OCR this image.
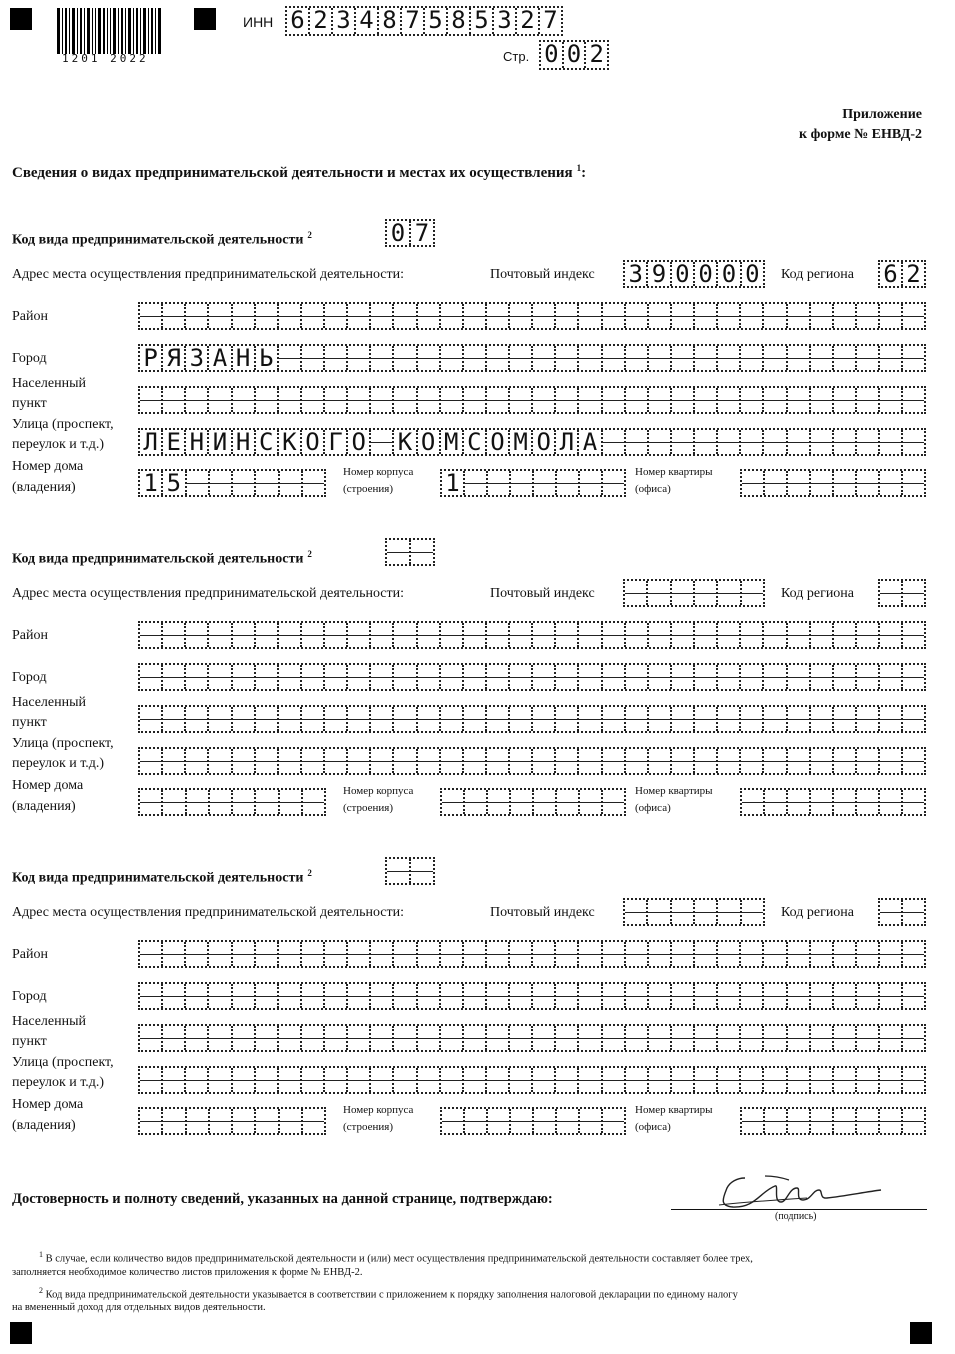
1201 2022
ИНН 6 2 3 4 8 7 5 8 5 3 2 7
Стр. 0 0 2
Приложение
к форме № ЕНВД-2
Сведения о видах предпринимательской деятельности и местах их осуществления $^1$:
Код вида предпринимательской деятельности $^2$	0 7
Адрес места осуществления предпринимательской деятельности:	Почтовый индекс 3 9 0 0 0 0 Код региона 6 2
Район
Город	Р Я З А Н Ь
Населенный
пункт
Улица (проспект,
переулок и т.д.) Л Е Н И Н С К О Г О К О М С О М О Л А
Номер дома
(владения)	1 5	Номер корпуса
(строения) 1	Номер квартиры
(офиса)
Код вида предпринимательской деятельности $^2$
Адрес места осуществления предпринимательской деятельности:	Почтовый индекс	Код региона
Район
Город
Населенный
пункт
Улица (проспект,
переулок и т.д.)
Номер дома
(владения)
Номер корпуса
(строения)
Номер квартиры
(офиса)
Код вида предпринимательской деятельности $^2$
Адрес места осуществления предпринимательской деятельности:	Почтовый индекс	Код региона
Район
Город
Населенный
пункт
Улица (проспект,
переулок и т.д.)
Номер дома
(владения)
Номер корпуса
(строения)
Номер квартиры
(офиса)
Достоверность и полноту сведений, указанных на данной странице, подтверждаю:
(подпись)
$^1$ В случае, если количество видов предпринимательской деятельности и (или) мест осуществления предпринимательской деятельности составляет более трех,
заполняется необходимое количество листов приложения к форме № ЕНВД-2.
$^2$ Код вида предпринимательской деятельности указывается в соответствии с приложением к порядку заполнения налоговой декларации по единому налогу
на вмененный доход для отдельных видов деятельности.
